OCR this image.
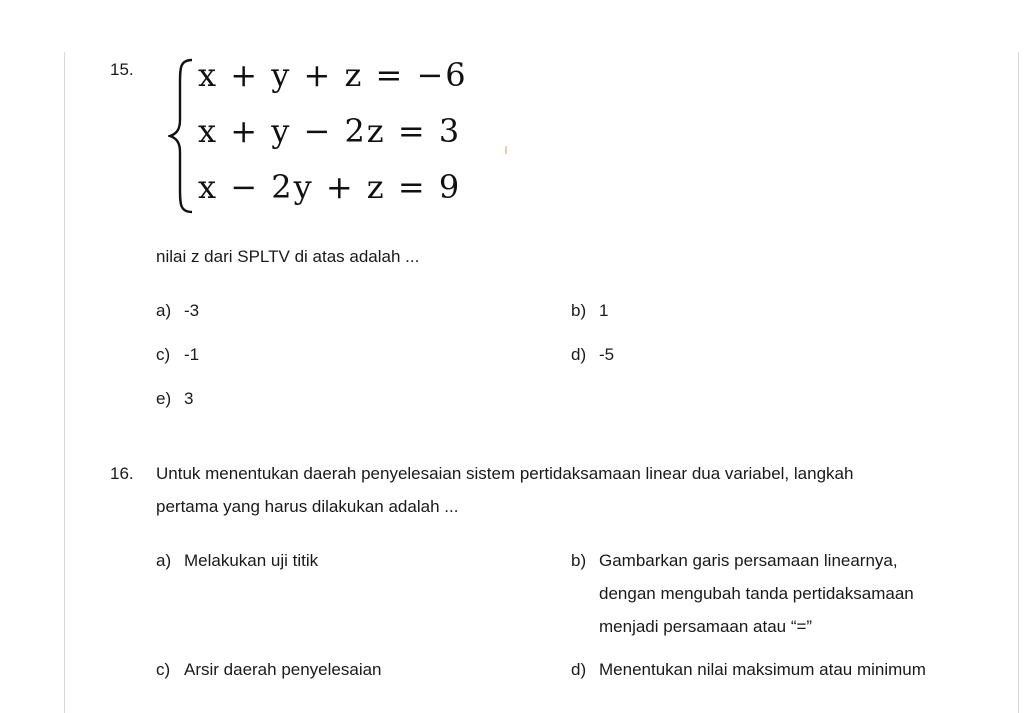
15. x + y + z = −6
x + y − 2z = 3
x − 2y + z = 9
nilai z dari SPLTV di atas adalah ...
a) -3	b) 1
c) -1	d) -5
e) 3
16. Untuk menentukan daerah penyelesaian sistem pertidaksamaan linear dua variabel, langkah
pertama yang harus dilakukan adalah ...
a) Melakukan uji titik	b) Gambarkan garis persamaan linearnya,
dengan mengubah tanda pertidaksamaan
menjadi persamaan atau “=”
c) Arsir daerah penyelesaian	d) Menentukan nilai maksimum atau minimum
